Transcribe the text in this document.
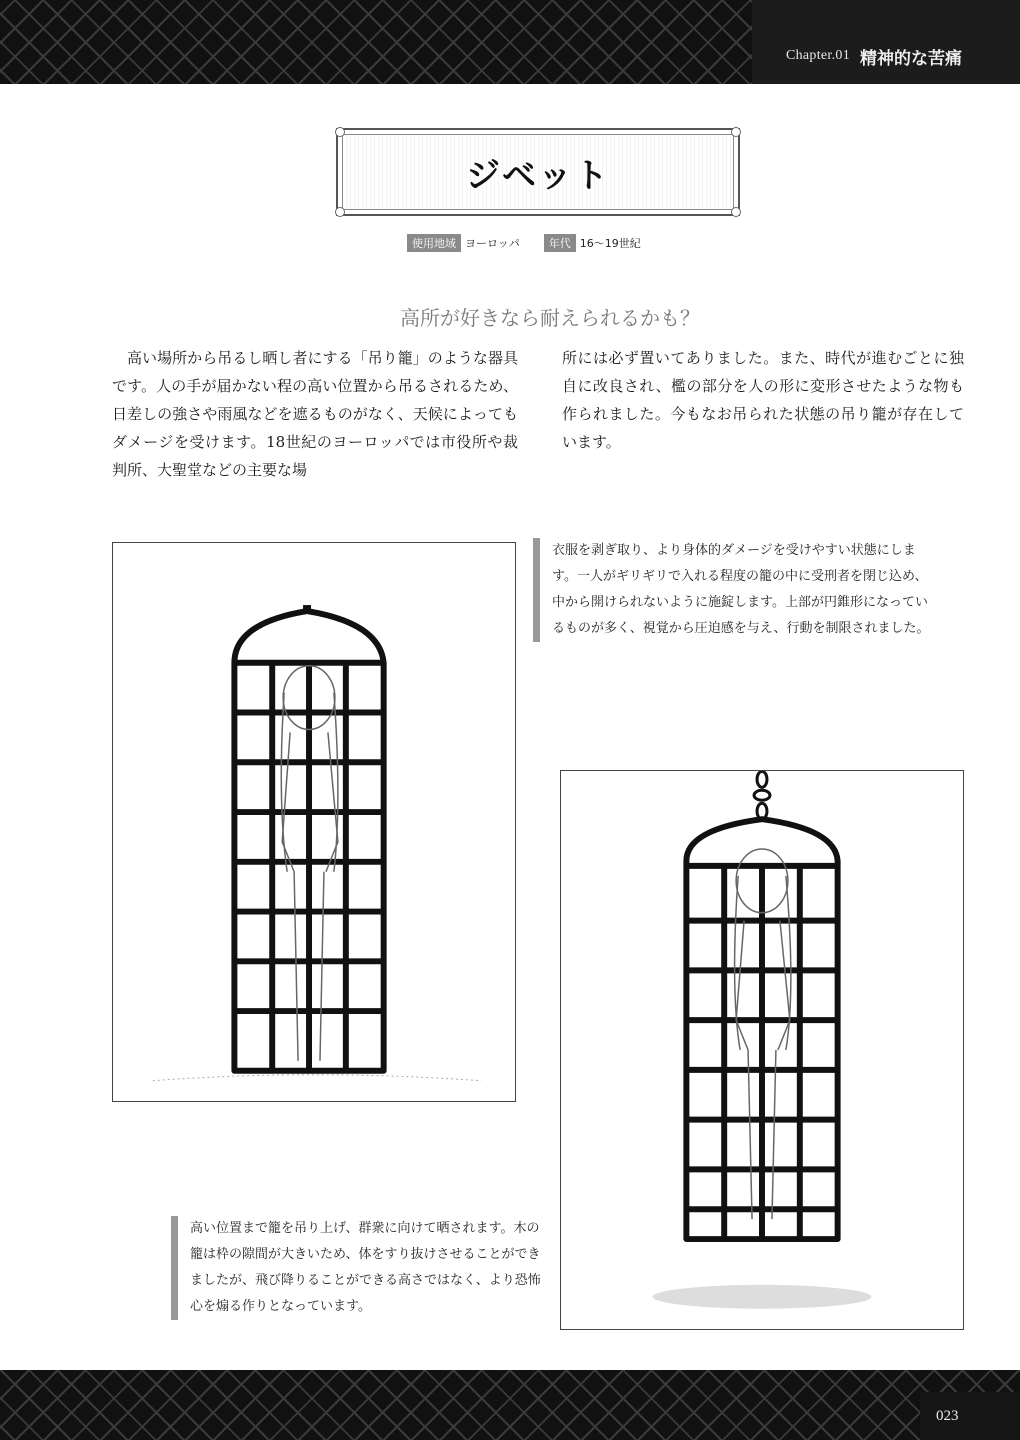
Chapter.01 精神的な苦痛
ジベット
使用地域 ヨーロッパ	年代 16〜19世紀
高所が好きなら耐えられるかも？

高い場所から吊るし晒し者にする「吊り籠」のような器具です。人の手が届かない程の高い位置から吊るされるため、日差しの強さや雨風などを遮るものがなく、天候によってもダメージを受けます。18世紀のヨーロッパでは市役所や裁判所、大聖堂などの主要な場

所には必ず置いてありました。また、時代が進むごとに独自に改良され、檻の部分を人の形に変形させたような物も作られました。今もなお吊られた状態の吊り籠が存在しています。

衣服を剥ぎ取り、より身体的ダメージを受けやすい状態にします。一人がギリギリで入れる程度の籠の中に受刑者を閉じ込め、中から開けられないように施錠します。上部が円錐形になっているものが多く、視覚から圧迫感を与え、行動を制限されました。
高い位置まで籠を吊り上げ、群衆に向けて晒されます。木の籠は枠の隙間が大きいため、体をすり抜けさせることができましたが、飛び降りることができる高さではなく、より恐怖心を煽る作りとなっています。
023
